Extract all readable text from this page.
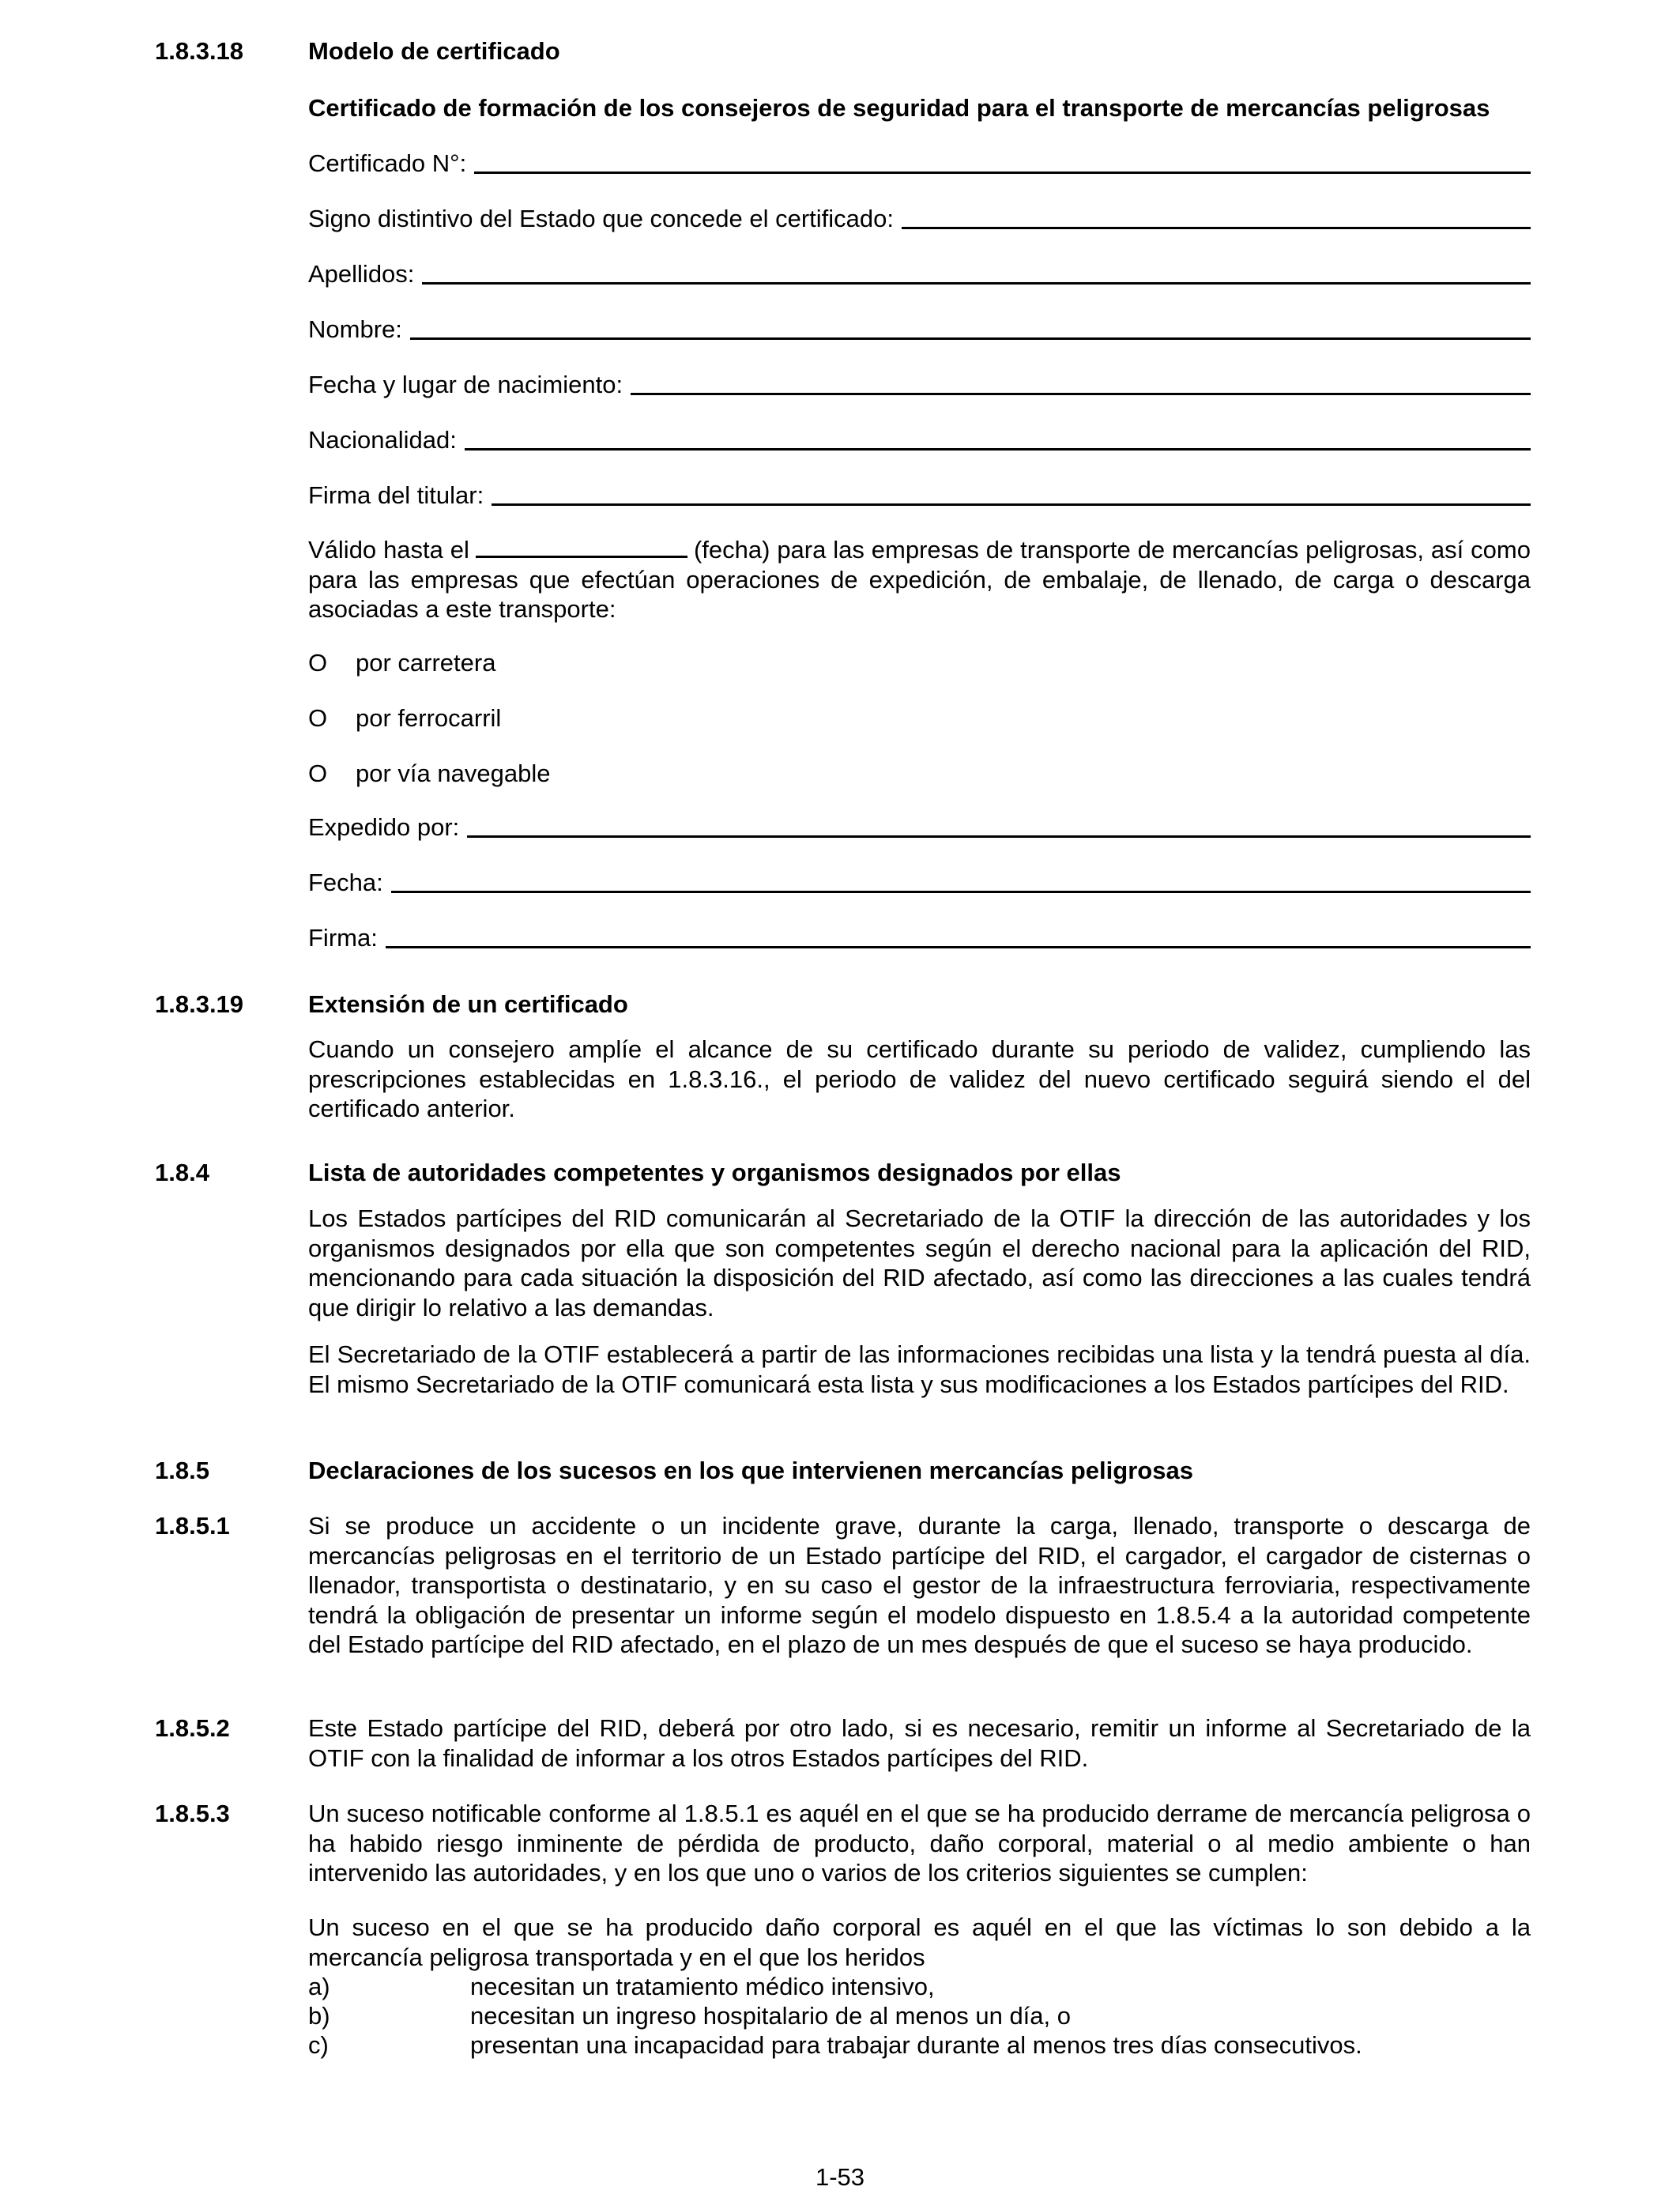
1.8.3.18	Modelo de certificado
Certificado de formación de los consejeros de seguridad para el transporte de mercancías peligrosas
Certificado N°:
Signo distintivo del Estado que concede el certificado:
Apellidos:
Nombre:
Fecha y lugar de nacimiento:
Nacionalidad:
Firma del titular:

Válido hasta el	(fecha) para las empresas de transporte de mercancías peligrosas, así como para las empresas que efectúan operaciones de expedición, de embalaje, de llenado, de carga o descarga asociadas a este transporte:

O	por carretera
O	por ferrocarril
O	por vía navegable
Expedido por:
Fecha:
Firma:
1.8.3.19	Extensión de un certificado

Cuando un consejero amplíe el alcance de su certificado durante su periodo de validez, cumpliendo las prescripciones establecidas en 1.8.3.16., el periodo de validez del nuevo certificado seguirá siendo el del certificado anterior.

1.8.4	Lista de autoridades competentes y organismos designados por ellas

Los Estados partícipes del RID comunicarán al Secretariado de la OTIF la dirección de las autoridades y los organismos designados por ella que son competentes según el derecho nacional para la aplicación del RID, mencionando para cada situación la disposición del RID afectado, así como las direcciones a las cuales tendrá que dirigir lo relativo a las demandas.

El Secretariado de la OTIF establecerá a partir de las informaciones recibidas una lista y la tendrá puesta al día. El mismo Secretariado de la OTIF comunicará esta lista y sus modificaciones a los Estados partícipes del RID.

1.8.5	Declaraciones de los sucesos en los que intervienen mercancías peligrosas
1.8.5.1	Si se produce un accidente o un incidente grave, durante la carga, llenado, transporte o descarga de mercancías peligrosas en el territorio de un Estado partícipe del RID, el cargador, el cargador de cisternas o llenador, transportista o destinatario, y en su caso el gestor de la infraestructura ferroviaria, respectivamente tendrá la obligación de presentar un informe según el modelo dispuesto en 1.8.5.4 a la autoridad competente del Estado partícipe del RID afectado, en el plazo de un mes después de que el suceso se haya producido.

1.8.5.2	Este Estado partícipe del RID, deberá por otro lado, si es necesario, remitir un informe al Secretariado de la OTIF con la finalidad de informar a los otros Estados partícipes del RID.

1.8.5.3	Un suceso notificable conforme al 1.8.5.1 es aquél en el que se ha producido derrame de mercancía peligrosa o ha habido riesgo inminente de pérdida de producto, daño corporal, material o al medio ambiente o han intervenido las autoridades, y en los que uno o varios de los criterios siguientes se cumplen:

Un suceso en el que se ha producido daño corporal es aquél en el que las víctimas lo son debido a la mercancía peligrosa transportada y en el que los heridos

a)	necesitan un tratamiento médico intensivo,
b)	necesitan un ingreso hospitalario de al menos un día, o
c)	presentan una incapacidad para trabajar durante al menos tres días consecutivos.
1-53
